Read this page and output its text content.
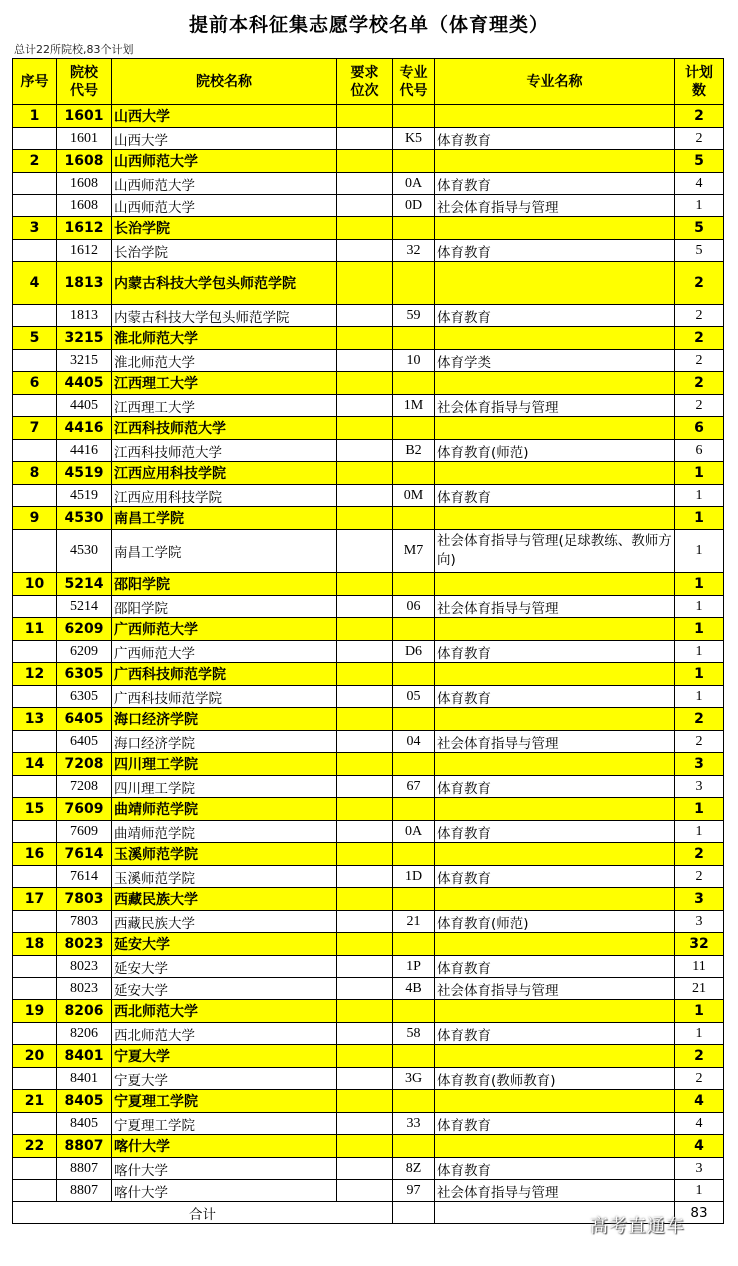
提前本科征集志愿学校名单（体育理类）
总计22所院校,83个计划
序号	院校代号	院校名称	要求位次	专业代号	专业名称	计划数
1	1601	山西大学				2
	1601	山西大学		K5	体育教育	2
2	1608	山西师范大学				5
	1608	山西师范大学		0A	体育教育	4
	1608	山西师范大学		0D	社会体育指导与管理	1
3	1612	长治学院				5
	1612	长治学院		32	体育教育	5
4	1813	内蒙古科技大学包头师范学院				2
	1813	内蒙古科技大学包头师范学院		59	体育教育	2
5	3215	淮北师范大学				2
	3215	淮北师范大学		10	体育学类	2
6	4405	江西理工大学				2
	4405	江西理工大学		1M	社会体育指导与管理	2
7	4416	江西科技师范大学				6
	4416	江西科技师范大学		B2	体育教育(师范)	6
8	4519	江西应用科技学院				1
	4519	江西应用科技学院		0M	体育教育	1
9	4530	南昌工学院				1
	4530	南昌工学院		M7	社会体育指导与管理(足球教练、教师方向)	1
10	5214	邵阳学院				1
	5214	邵阳学院		06	社会体育指导与管理	1
11	6209	广西师范大学				1
	6209	广西师范大学		D6	体育教育	1
12	6305	广西科技师范学院				1
	6305	广西科技师范学院		05	体育教育	1
13	6405	海口经济学院				2
	6405	海口经济学院		04	社会体育指导与管理	2
14	7208	四川理工学院				3
	7208	四川理工学院		67	体育教育	3
15	7609	曲靖师范学院				1
	7609	曲靖师范学院		0A	体育教育	1
16	7614	玉溪师范学院				2
	7614	玉溪师范学院		1D	体育教育	2
17	7803	西藏民族大学				3
	7803	西藏民族大学		21	体育教育(师范)	3
18	8023	延安大学				32
	8023	延安大学		1P	体育教育	11
	8023	延安大学		4B	社会体育指导与管理	21
19	8206	西北师范大学				1
	8206	西北师范大学		58	体育教育	1
20	8401	宁夏大学				2
	8401	宁夏大学		3G	体育教育(教师教育)	2
21	8405	宁夏理工学院				4
	8405	宁夏理工学院		33	体育教育	4
22	8807	喀什大学				4
	8807	喀什大学		8Z	体育教育	3
	8807	喀什大学		97	社会体育指导与管理	1
合计						83
高考直通车
